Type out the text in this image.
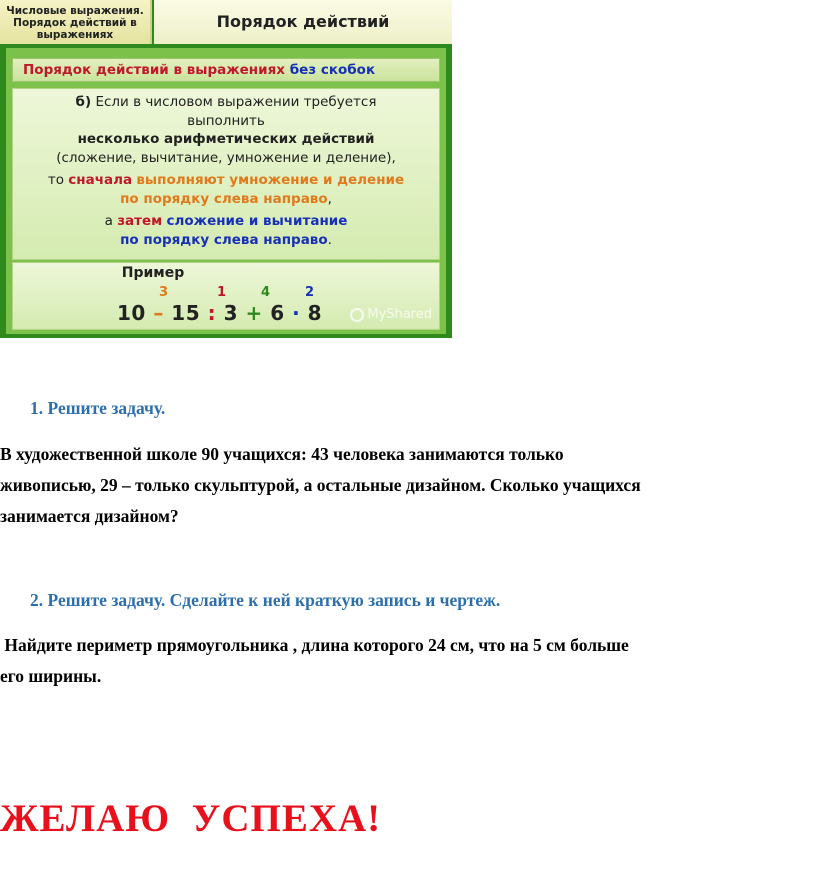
Числовые выражения. Порядок действий в выражениях
Порядок действий
Порядок действий в выражениях без скобок
б) Если в числовом выражении требуется
выполнить
несколько арифметических действий
(сложение, вычитание, умножение и деление),
то сначала выполняют умножение и деление
по порядку слева направо,
а затем сложение и вычитание
по порядку слева направо.
Пример
3	1	4	2
10 – 15 : 3 + 6 · 8	MyShared
1. Решите задачу.
В художественной школе 90 учащихся: 43 человека занимаются только
живописью, 29 – только скульптурой, а остальные дизайном. Сколько учащихся
занимается дизайном?
2. Решите задачу. Сделайте к ней краткую запись и чертеж.
Найдите периметр прямоугольника , длина которого 24 см, что на 5 см больше
его ширины.
ЖЕЛАЮ  УСПЕХА!
